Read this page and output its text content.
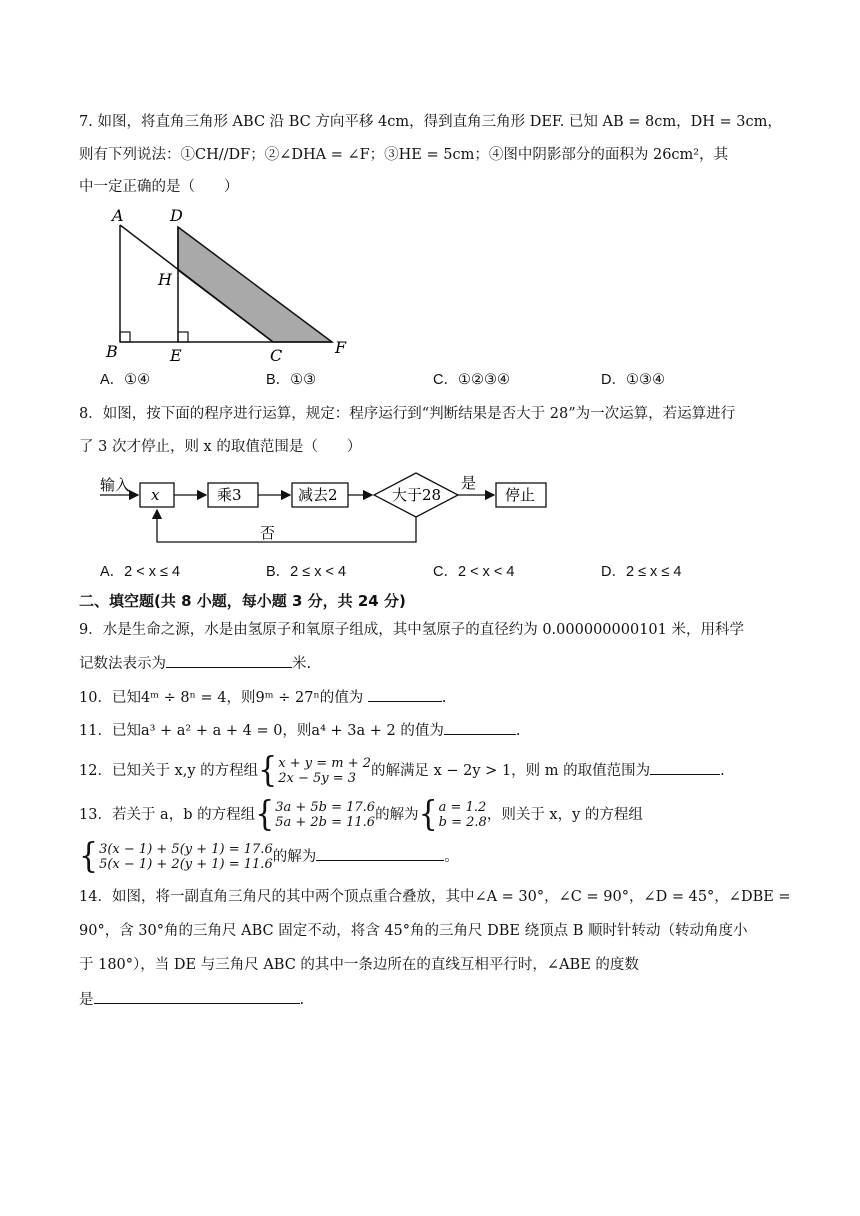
7. 如图，将直角三角形 ABC 沿 BC 方向平移 4cm，得到直角三角形 DEF. 已知 AB = 8cm，DH = 3cm，
则有下列说法：①CH//DF；②∠DHA = ∠F；③HE = 5cm；④图中阴影部分的面积为 26cm²，其
中一定正确的是（　　）
A	D
H
B	E	C	F
A．①④	B．①③	C．①②③④	D．①③④
8．如图，按下面的程序进行运算，规定：程序运行到“判断结果是否大于 28”为一次运算，若运算进行
了 3 次才停止，则 x 的取值范围是（　　）
输入
x	乘3	减去2	大于28
是
停止
否
A．2 < x ≤ 4	B．2 ≤ x < 4	C．2 < x < 4	D．2 ≤ x ≤ 4
二、填空题(共 8 小题，每小题 3 分，共 24 分)
9．水是生命之源，水是由氢原子和氧原子组成，其中氢原子的直径约为 0.000000000101 米，用科学
记数法表示为	米.
10．已知4ᵐ ÷ 8ⁿ = 4，则9ᵐ ÷ 27ⁿ的值为	.
11．已知a³ + a² + a + 4 = 0，则a⁴ + 3a + 2 的值为	.
12．已知关于 x,y 的方程组 { x + y = m + 2
2x − 5y = 3	的解满足 x − 2y > 1，则 m 的取值范围为	.
13．若关于 a，b 的方程组 { 3a + 5b = 17.6
5a + 2b = 11.6 的解为 { a = 1.2
b = 2.8 ，则关于 x，y 的方程组
{ 3(x − 1) + 5(y + 1) = 17.6
5(x − 1) + 2(y + 1) = 11.6 的解为	。
14．如图，将一副直角三角尺的其中两个顶点重合叠放，其中∠A = 30°，∠C = 90°，∠D = 45°，∠DBE =
90°，含 30°角的三角尺 ABC 固定不动，将含 45°角的三角尺 DBE 绕顶点 B 顺时针转动（转动角度小
于 180°），当 DE 与三角尺 ABC 的其中一条边所在的直线互相平行时，∠ABE 的度数
是	.
